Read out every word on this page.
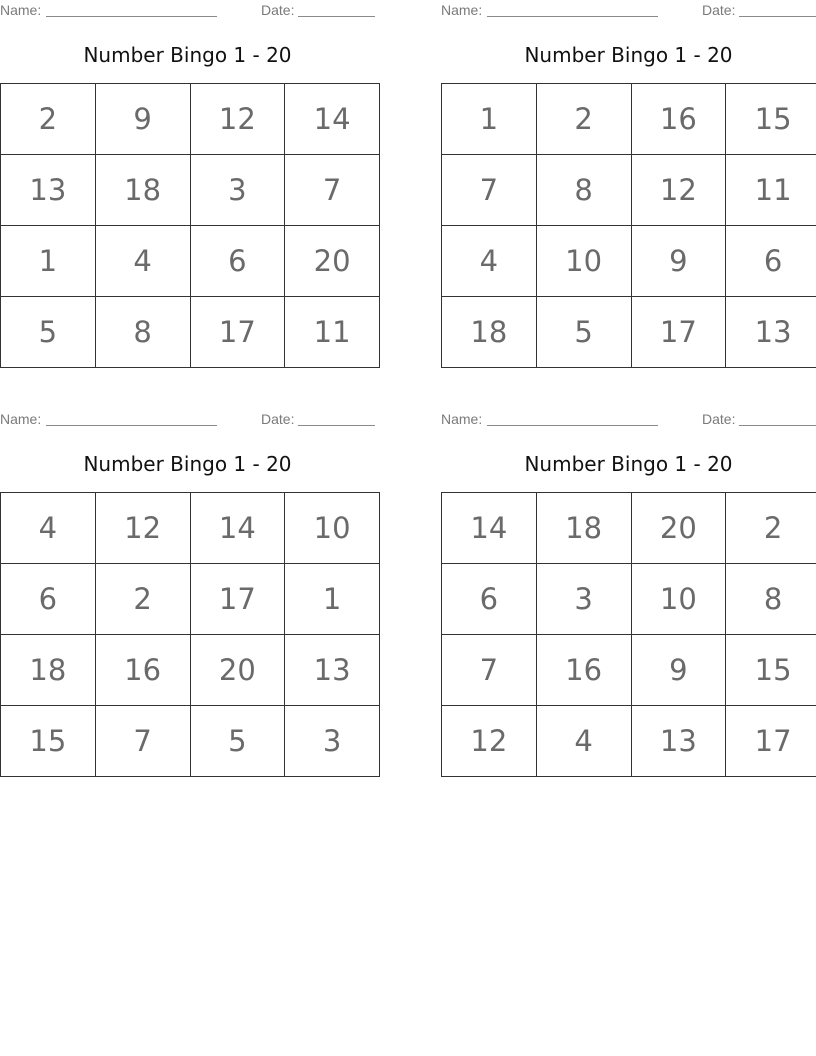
Name:	Date:
Number Bingo 1 - 20
2	9	12	14
13	18	3	7
1	4	6	20
5	8	17	11
Name:	Date:
Number Bingo 1 - 20
1	2	16	15
7	8	12	11
4	10	9	6
18	5	17	13
Name:	Date:
Number Bingo 1 - 20
4	12	14	10
6	2	17	1
18	16	20	13
15	7	5	3
Name:	Date:
Number Bingo 1 - 20
14	18	20	2
6	3	10	8
7	16	9	15
12	4	13	17
